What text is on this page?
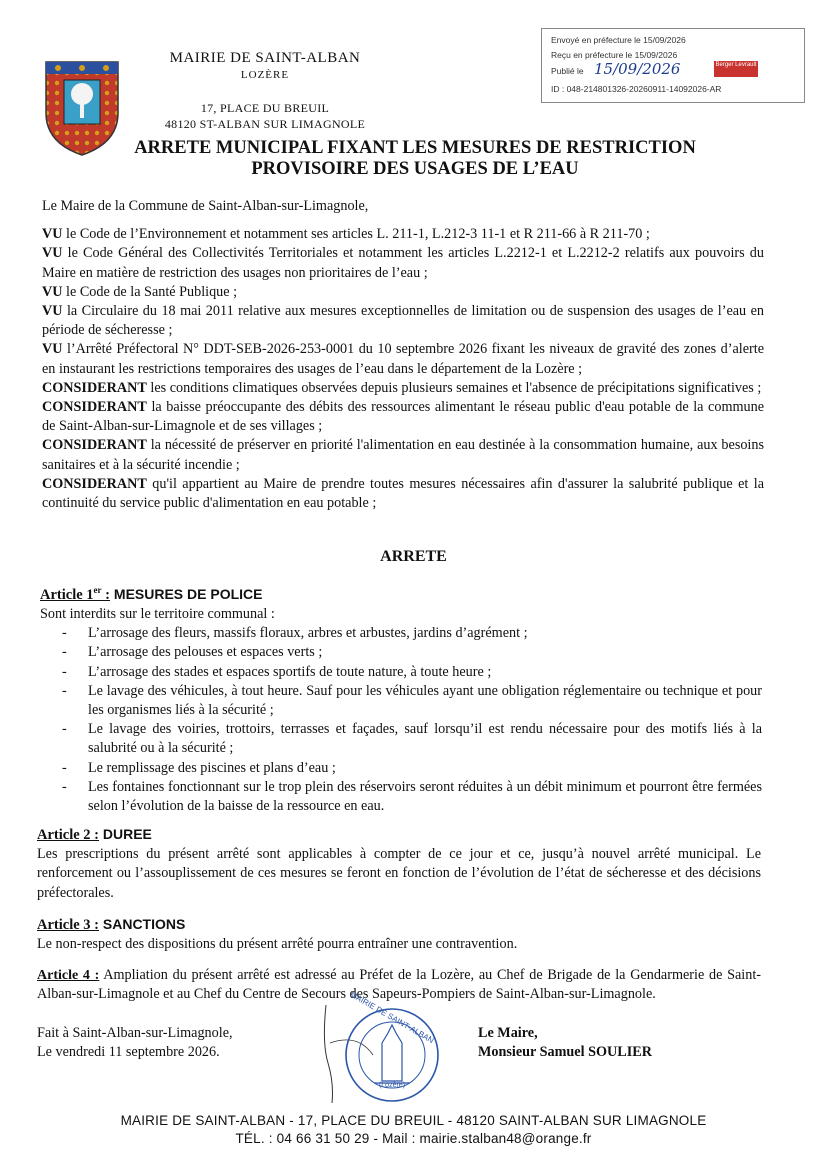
MAIRIE DE SAINT-ALBAN
LOZÈRE
17, PLACE DU BREUIL
48120 ST-ALBAN SUR LIMAGNOLE
Envoyé en préfecture le 15/09/2026
Reçu en préfecture le 15/09/2026
Publié le 15/09/2026	Berger Levrault
ID : 048-214801326-20260911-14092026-AR
ARRETE MUNICIPAL FIXANT LES MESURES DE RESTRICTION
PROVISOIRE DES USAGES DE L’EAU

Le Maire de la Commune de Saint-Alban-sur-Limagnole,

VU le Code de l’Environnement et notamment ses articles L. 211-1, L.212-3 11-1 et R 211-66 à R 211-70 ;

VU le Code Général des Collectivités Territoriales et notamment les articles L.2212-1 et L.2212-2 relatifs aux pouvoirs du Maire en matière de restriction des usages non prioritaires de l’eau ;

VU le Code de la Santé Publique ;

VU la Circulaire du 18 mai 2011 relative aux mesures exceptionnelles de limitation ou de suspension des usages de l’eau en période de sécheresse ;

VU l’Arrêté Préfectoral N° DDT-SEB-2026-253-0001 du 10 septembre 2026 fixant les niveaux de gravité des zones d’alerte en instaurant les restrictions temporaires des usages de l’eau dans le département de la Lozère ;

CONSIDERANT les conditions climatiques observées depuis plusieurs semaines et l'absence de précipitations significatives ;

CONSIDERANT la baisse préoccupante des débits des ressources alimentant le réseau public d'eau potable de la commune de Saint-Alban-sur-Limagnole et de ses villages ;

CONSIDERANT la nécessité de préserver en priorité l'alimentation en eau destinée à la consommation humaine, aux besoins sanitaires et à la sécurité incendie ;

CONSIDERANT qu'il appartient au Maire de prendre toutes mesures nécessaires afin d'assurer la salubrité publique et la continuité du service public d'alimentation en eau potable ;

ARRETE

Article 1er : MESURES DE POLICE

Sont interdits sur le territoire communal :

- L’arrosage des fleurs, massifs floraux, arbres et arbustes, jardins d’agrément ;
- L’arrosage des pelouses et espaces verts ;
- L’arrosage des stades et espaces sportifs de toute nature, à toute heure ;
- Le lavage des véhicules, à tout heure. Sauf pour les véhicules ayant une obligation réglementaire ou technique et pour les organismes liés à la sécurité ;
- Le lavage des voiries, trottoirs, terrasses et façades, sauf lorsqu’il est rendu nécessaire pour des motifs liés à la salubrité ou à la sécurité ;
- Le remplissage des piscines et plans d’eau ;
- Les fontaines fonctionnant sur le trop plein des réservoirs seront réduites à un débit minimum et pourront être fermées selon l’évolution de la baisse de la ressource en eau.

Article 2 : DUREE

Les prescriptions du présent arrêté sont applicables à compter de ce jour et ce, jusqu’à nouvel arrêté municipal. Le renforcement ou l’assouplissement de ces mesures se feront en fonction de l’évolution de l’état de sécheresse et des décisions préfectorales.

Article 3 : SANCTIONS

Le non-respect des dispositions du présent arrêté pourra entraîner une contravention.

Article 4 : Ampliation du présent arrêté est adressé au Préfet de la Lozère, au Chef de Brigade de la Gendarmerie de Saint-Alban-sur-Limagnole et au Chef du Centre de Secours des Sapeurs-Pompiers de Saint-Alban-sur-Limagnole.

MAIRIE DE SAINT-ALBAN
(Lozère)
Fait à Saint-Alban-sur-Limagnole,
Le vendredi 11 septembre 2026.
Le Maire,
Monsieur Samuel SOULIER
MAIRIE DE SAINT-ALBAN - 17, PLACE DU BREUIL - 48120 SAINT-ALBAN SUR LIMAGNOLE
TÉL. : 04 66 31 50 29 - Mail : mairie.stalban48@orange.fr
